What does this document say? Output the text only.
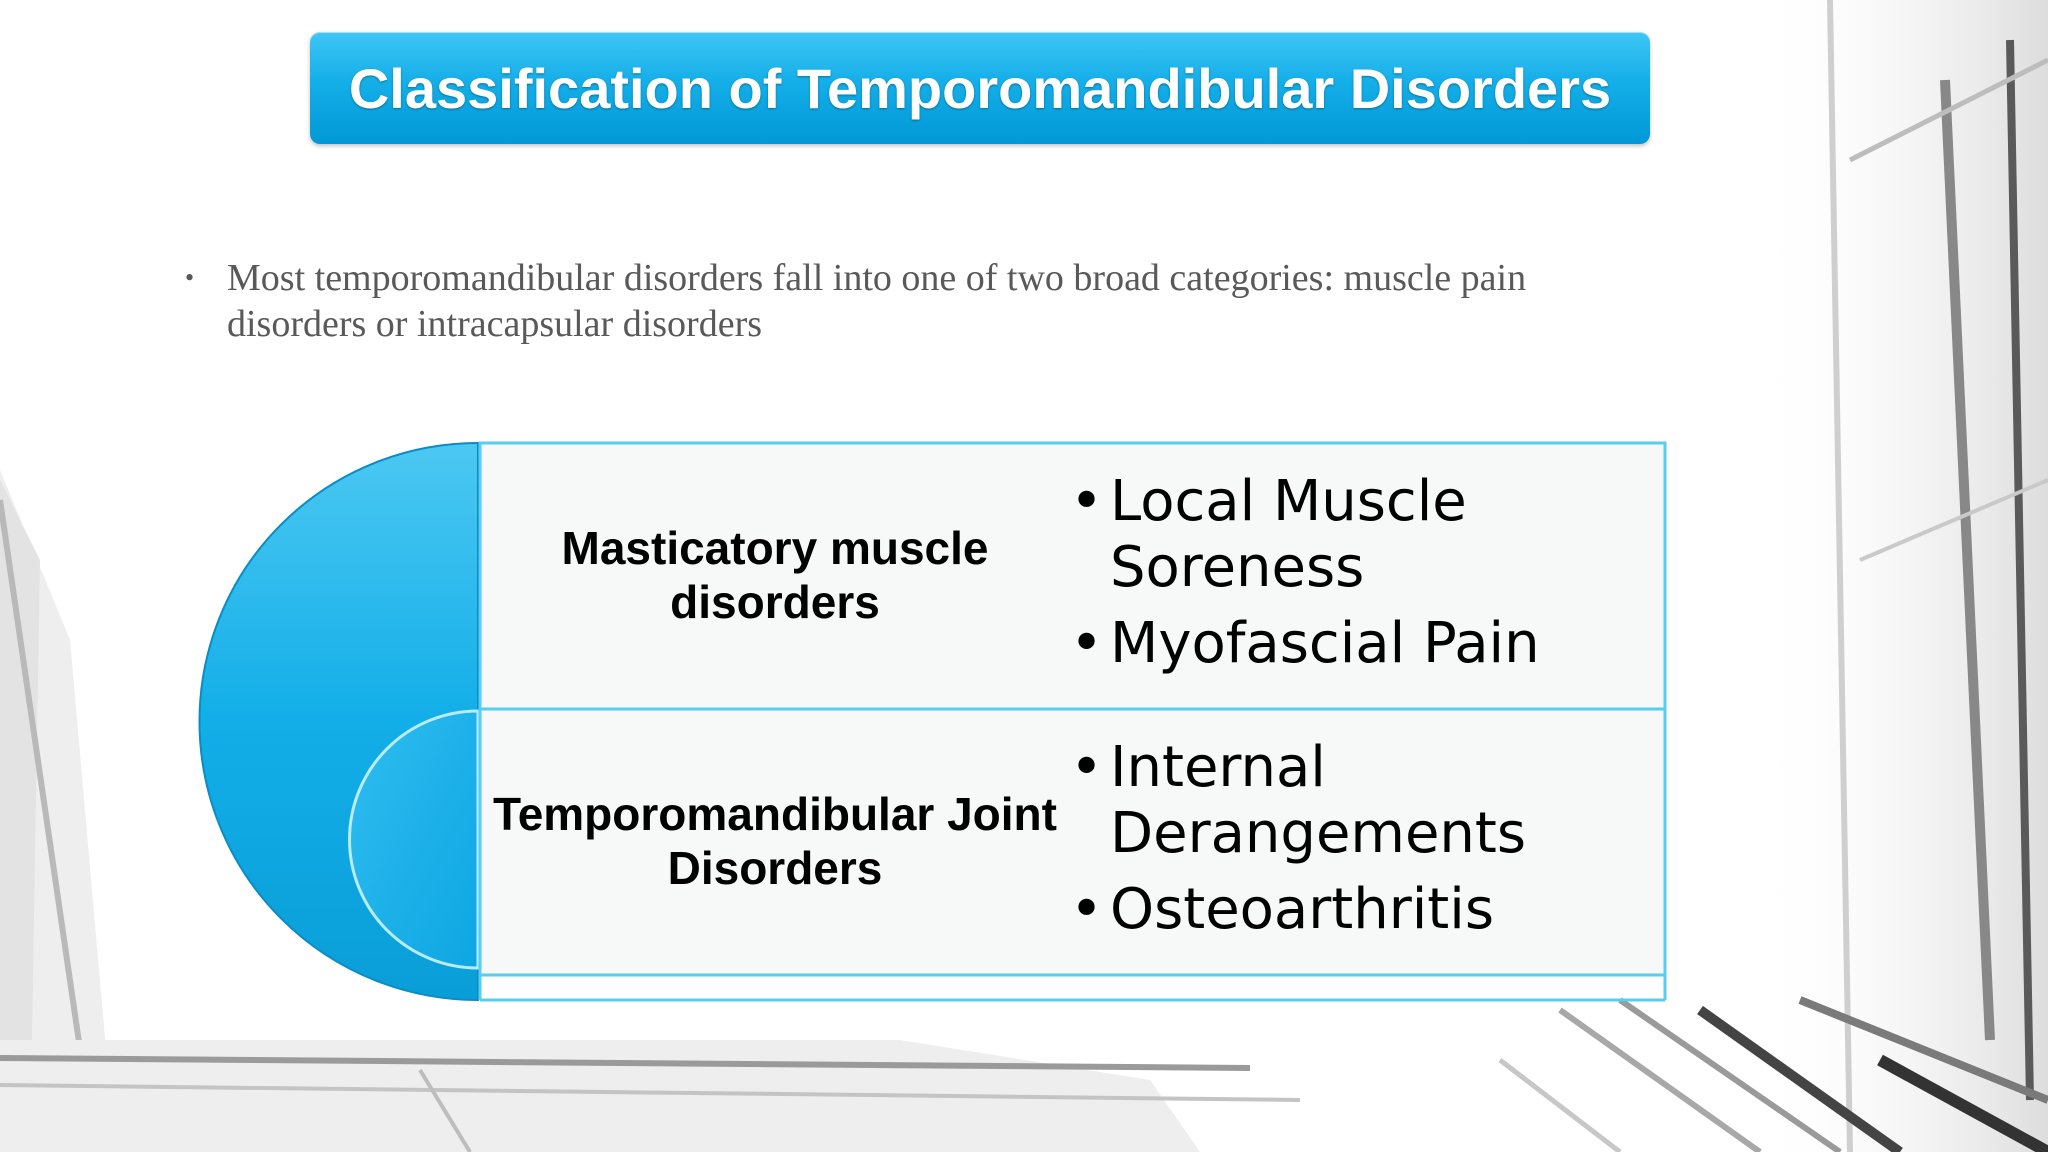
Classification of Temporomandibular Disorders
• Most temporomandibular disorders fall into one of two broad categories: muscle pain disorders or intracapsular disorders
Masticatory muscle disorders
• Local Muscle Soreness
• Myofascial Pain
Temporomandibular Joint Disorders
• Internal Derangements
• Osteoarthritis
